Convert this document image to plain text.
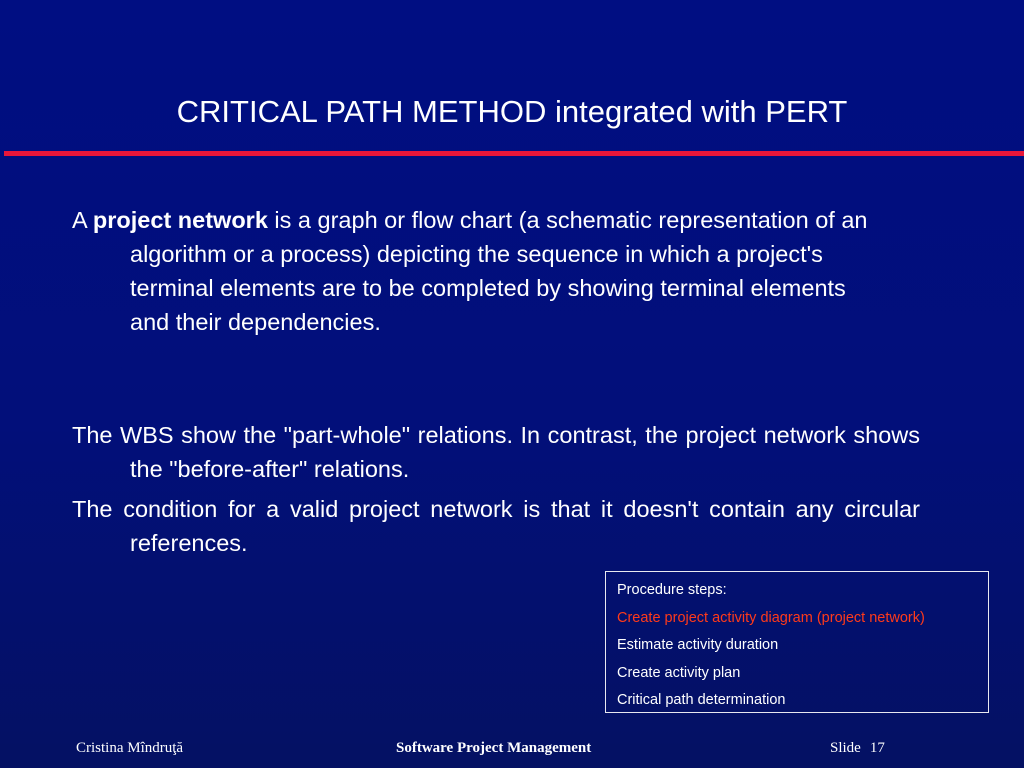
CRITICAL PATH METHOD integrated with PERT

A project network is a graph or flow chart (a schematic representation of an algorithm or a process) depicting the sequence in which a project's terminal elements are to be completed by showing terminal elements and their dependencies.

The WBS show the "part-whole" relations. In contrast, the project network shows the "before-after" relations.

The condition for a valid project network is that it doesn't contain any circular references.

Procedure steps:
Create project activity diagram (project network)
Estimate activity duration
Create activity plan
Critical path determination
Cristina Mîndruţă	Software Project Management	Slide 17
